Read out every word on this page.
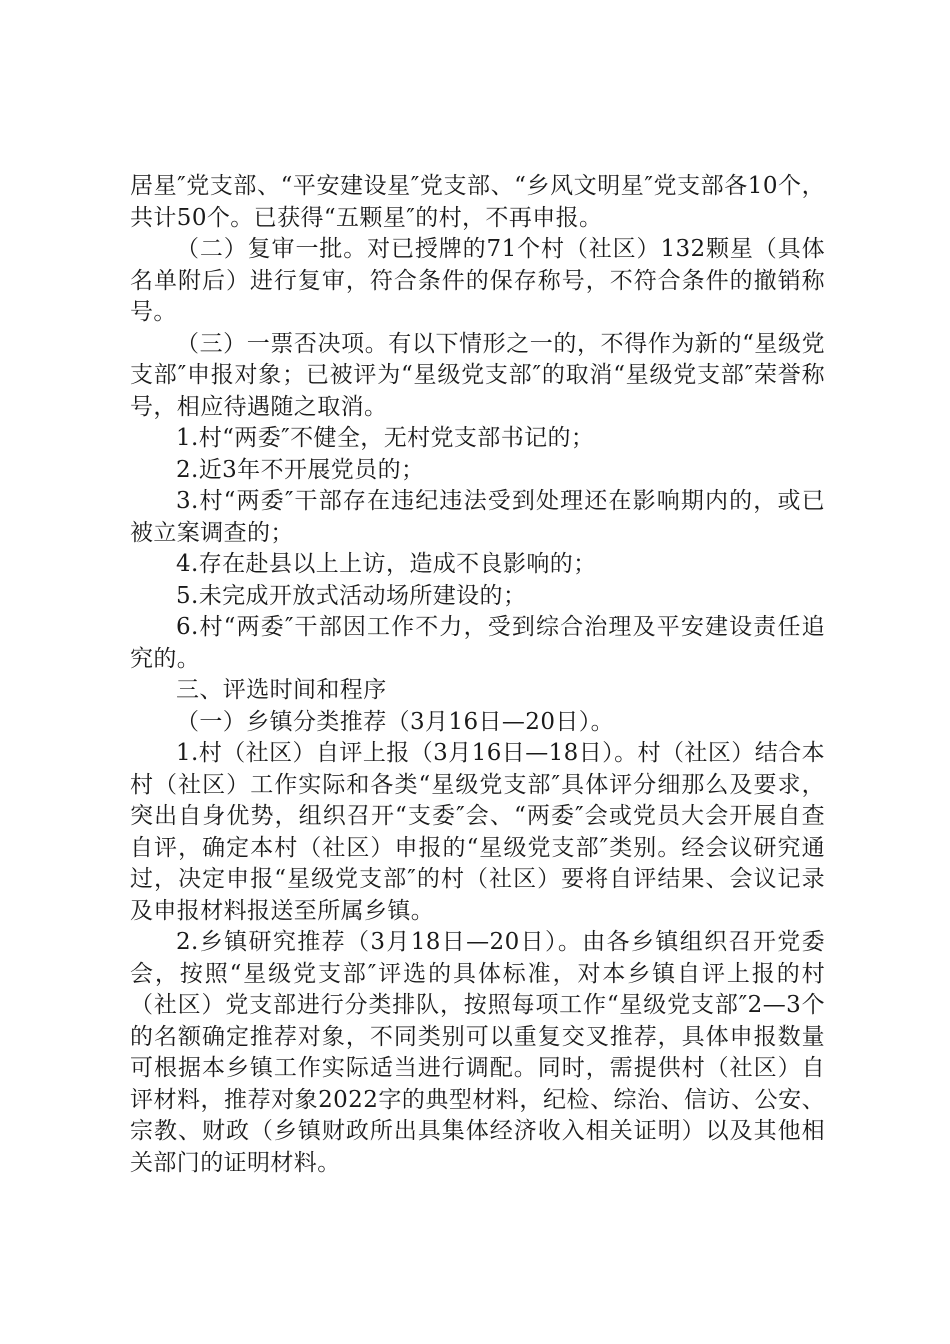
居星″党支部、“平安建设星″党支部、“乡风文明星″党支部各10个，共计50个。已获得“五颗星″的村，不再申报。

（二）复审一批。对已授牌的71个村（社区）132颗星（具体名单附后）进行复审，符合条件的保存称号，不符合条件的撤销称号。

（三）一票否决项。有以下情形之一的，不得作为新的“星级党支部″申报对象；已被评为“星级党支部″的取消“星级党支部″荣誉称号，相应待遇随之取消。

1.村“两委″不健全，无村党支部书记的；

2.近3年不开展党员的；

3.村“两委″干部存在违纪违法受到处理还在影响期内的，或已被立案调查的；

4.存在赴县以上上访，造成不良影响的；

5.未完成开放式活动场所建设的；

6.村“两委″干部因工作不力，受到综合治理及平安建设责任追究的。

三、评选时间和程序

（一）乡镇分类推荐（3月16日—20日）。

1.村（社区）自评上报（3月16日—18日）。村（社区）结合本村（社区）工作实际和各类“星级党支部″具体评分细那么及要求，突出自身优势，组织召开“支委″会、“两委″会或党员大会开展自查自评，确定本村（社区）申报的“星级党支部″类别。经会议研究通过，决定申报“星级党支部″的村（社区）要将自评结果、会议记录及申报材料报送至所属乡镇。

2.乡镇研究推荐（3月18日—20日）。由各乡镇组织召开党委会，按照“星级党支部″评选的具体标准，对本乡镇自评上报的村（社区）党支部进行分类排队，按照每项工作“星级党支部″2—3个的名额确定推荐对象，不同类别可以重复交叉推荐，具体申报数量可根据本乡镇工作实际适当进行调配。同时，需提供村（社区）自评材料，推荐对象2022字的典型材料，纪检、综治、信访、公安、宗教、财政（乡镇财政所出具集体经济收入相关证明）以及其他相关部门的证明材料。
